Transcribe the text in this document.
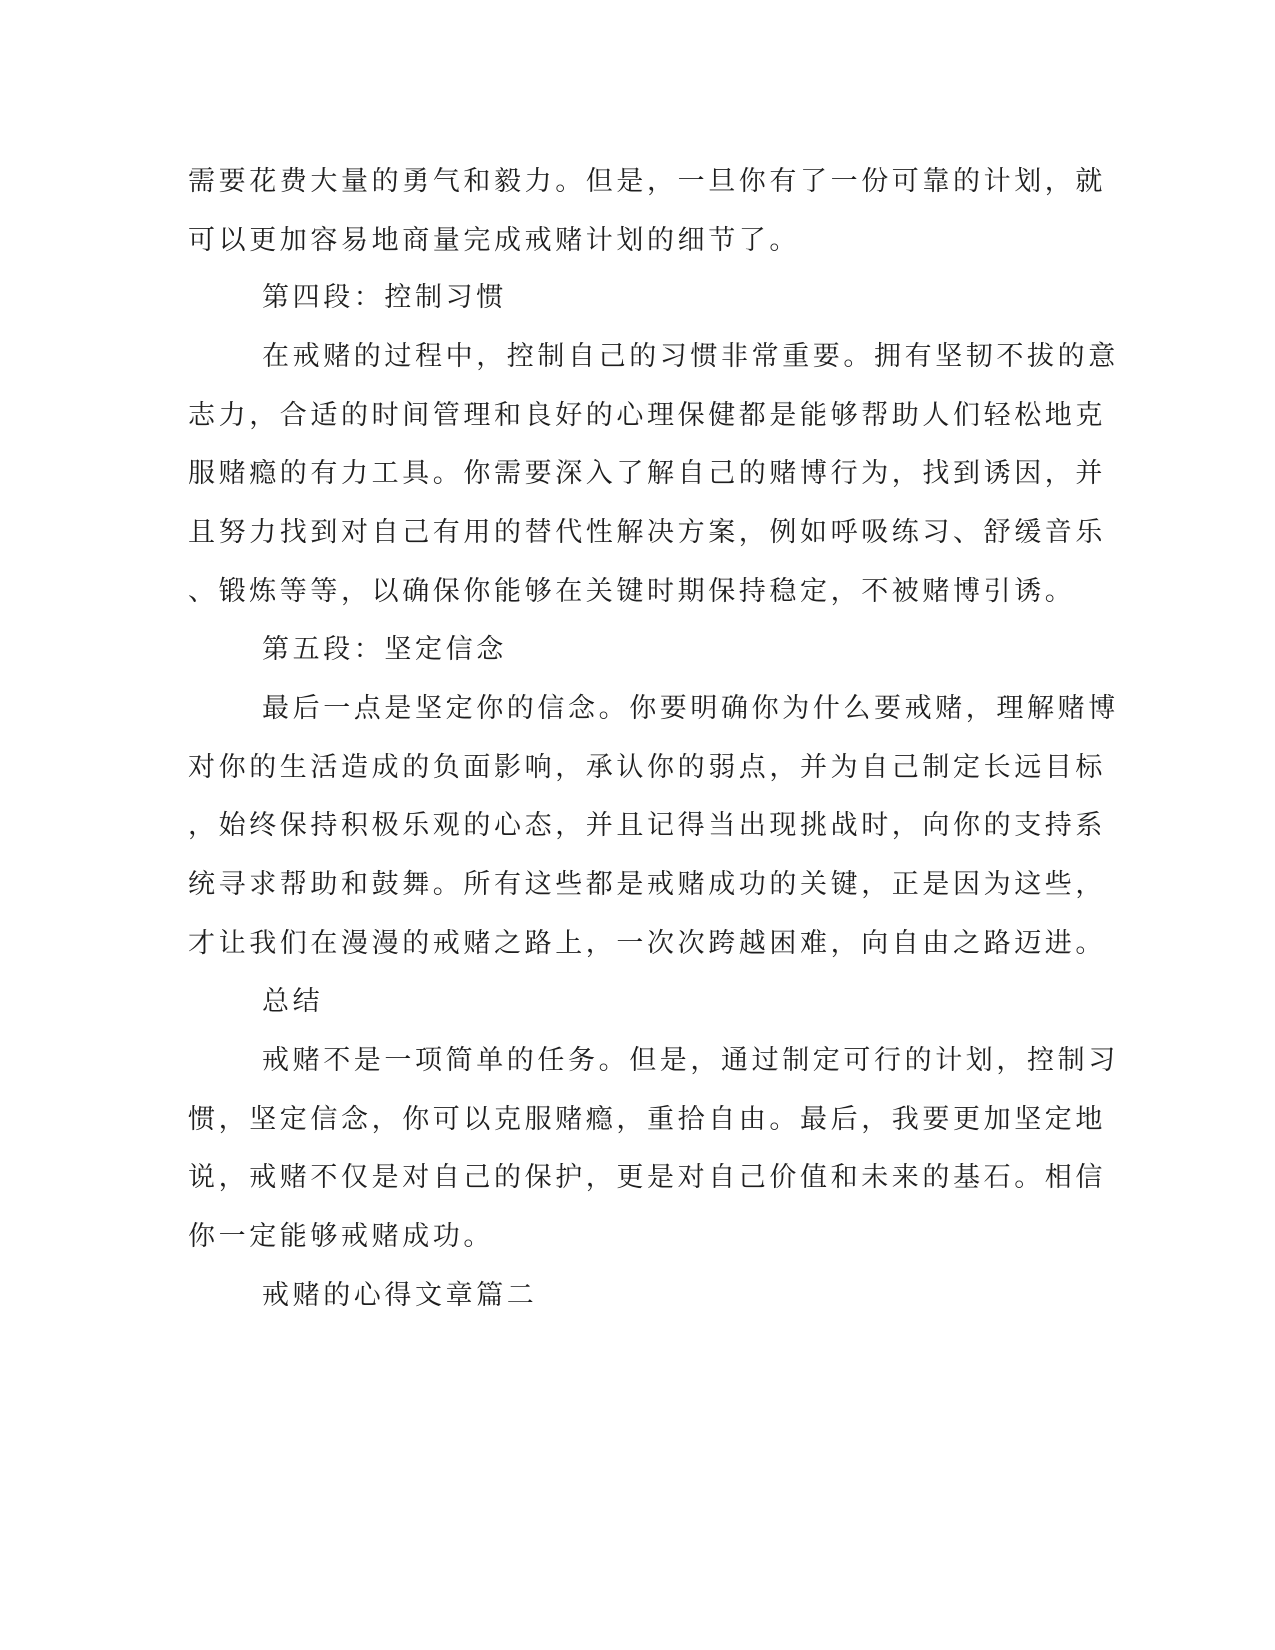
需要花费大量的勇气和毅力。但是，一旦你有了一份可靠的计划，就

可以更加容易地商量完成戒赌计划的细节了。

第四段：控制习惯

在戒赌的过程中，控制自己的习惯非常重要。拥有坚韧不拔的意

志力，合适的时间管理和良好的心理保健都是能够帮助人们轻松地克

服赌瘾的有力工具。你需要深入了解自己的赌博行为，找到诱因，并

且努力找到对自己有用的替代性解决方案，例如呼吸练习、舒缓音乐

、锻炼等等，以确保你能够在关键时期保持稳定，不被赌博引诱。

第五段：坚定信念

最后一点是坚定你的信念。你要明确你为什么要戒赌，理解赌博

对你的生活造成的负面影响，承认你的弱点，并为自己制定长远目标

，始终保持积极乐观的心态，并且记得当出现挑战时，向你的支持系

统寻求帮助和鼓舞。所有这些都是戒赌成功的关键，正是因为这些，

才让我们在漫漫的戒赌之路上，一次次跨越困难，向自由之路迈进。

总结

戒赌不是一项简单的任务。但是，通过制定可行的计划，控制习

惯，坚定信念，你可以克服赌瘾，重拾自由。最后，我要更加坚定地

说，戒赌不仅是对自己的保护，更是对自己价值和未来的基石。相信

你一定能够戒赌成功。

戒赌的心得文章篇二
